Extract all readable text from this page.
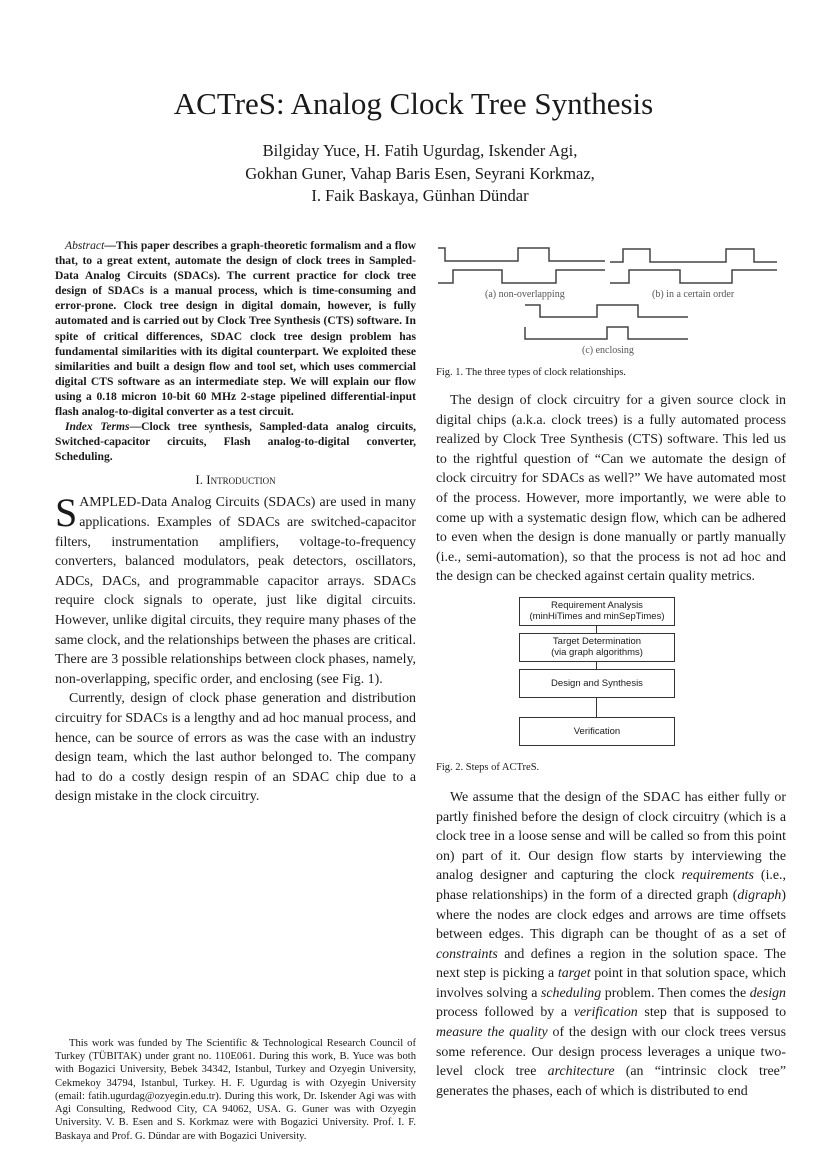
ACTreS: Analog Clock Tree Synthesis
Bilgiday Yuce, H. Fatih Ugurdag, Iskender Agi,
Gokhan Guner, Vahap Baris Esen, Seyrani Korkmaz,
I. Faik Baskaya, Günhan Dündar

Abstract—This paper describes a graph-theoretic formalism and a flow that, to a great extent, automate the design of clock trees in Sampled-Data Analog Circuits (SDACs). The current practice for clock tree design of SDACs is a manual process, which is time-consuming and error-prone. Clock tree design in digital domain, however, is fully automated and is carried out by Clock Tree Synthesis (CTS) software. In spite of critical differences, SDAC clock tree design problem has fundamental similarities with its digital counterpart. We exploited these similarities and built a design flow and tool set, which uses commercial digital CTS software as an intermediate step. We will explain our flow using a 0.18 micron 10-bit 60 MHz 2-stage pipelined differential-input flash analog-to-digital converter as a test circuit.

Index Terms—Clock tree synthesis, Sampled-data analog circuits, Switched-capacitor circuits, Flash analog-to-digital converter, Scheduling.

I. Introduction

SAMPLED-Data Analog Circuits (SDACs) are used in many applications. Examples of SDACs are switched-capacitor filters, instrumentation amplifiers, voltage-to-frequency converters, balanced modulators, peak detectors, oscillators, ADCs, DACs, and programmable capacitor arrays. SDACs require clock signals to operate, just like digital circuits. However, unlike digital circuits, they require many phases of the same clock, and the relationships between the phases are critical. There are 3 possible relationships between clock phases, namely, non-overlapping, specific order, and enclosing (see Fig. 1).

Currently, design of clock phase generation and distribution circuitry for SDACs is a lengthy and ad hoc manual process, and hence, can be source of errors as was the case with an industry design team, which the last author belonged to. The company had to do a costly design respin of an SDAC chip due to a design mistake in the clock circuitry.

This work was funded by The Scientific & Technological Research Council of Turkey (TÜBITAK) under grant no. 110E061. During this work, B. Yuce was both with Bogazici University, Bebek 34342, Istanbul, Turkey and Ozyegin University, Cekmekoy 34794, Istanbul, Turkey. H. F. Ugurdag is with Ozyegin University (email: fatih.ugurdag@ozyegin.edu.tr). During this work, Dr. Iskender Agi was with Agi Consulting, Redwood City, CA 94062, USA. G. Guner was with Ozyegin University. V. B. Esen and S. Korkmaz were with Bogazici University. Prof. I. F. Baskaya and Prof. G. Dündar are with Bogazici University.

(a) non-overlapping	(b) in a certain order
(c) enclosing
Fig. 1. The three types of clock relationships.

The design of clock circuitry for a given source clock in digital chips (a.k.a. clock trees) is a fully automated process realized by Clock Tree Synthesis (CTS) software. This led us to the rightful question of “Can we automate the design of clock circuitry for SDACs as well?” We have automated most of the process. However, more importantly, we were able to come up with a systematic design flow, which can be adhered to even when the design is done manually or partly manually (i.e., semi-automation), so that the process is not ad hoc and the design can be checked against certain quality metrics.

Requirement Analysis
(minHiTimes and minSepTimes)
Target Determination
(via graph algorithms)
Design and Synthesis
Verification
Fig. 2. Steps of ACTreS.

We assume that the design of the SDAC has either fully or partly finished before the design of clock circuitry (which is a clock tree in a loose sense and will be called so from this point on) part of it. Our design flow starts by interviewing the analog designer and capturing the clock requirements (i.e., phase relationships) in the form of a directed graph (digraph) where the nodes are clock edges and arrows are time offsets between edges. This digraph can be thought of as a set of constraints and defines a region in the solution space. The next step is picking a target point in that solution space, which involves solving a scheduling problem. Then comes the design process followed by a verification step that is supposed to measure the quality of the design with our clock trees versus some reference. Our design process leverages a unique two-level clock tree architecture (an “intrinsic clock tree” generates the phases, each of which is distributed to end
